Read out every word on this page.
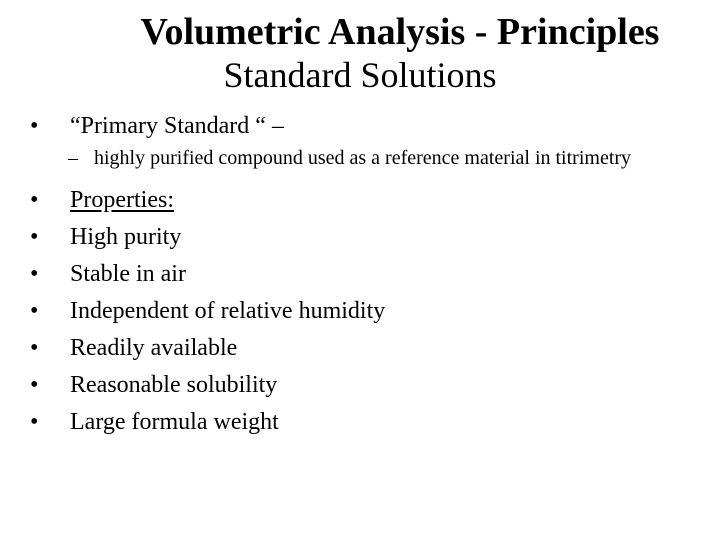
Volumetric Analysis - Principles
Standard Solutions
•	“Primary Standard “ –
– highly purified compound used as a reference material in titrimetry
•	Properties:
•	High purity
•	Stable in air
•	Independent of relative humidity
•	Readily available
•	Reasonable solubility
•	Large formula weight
